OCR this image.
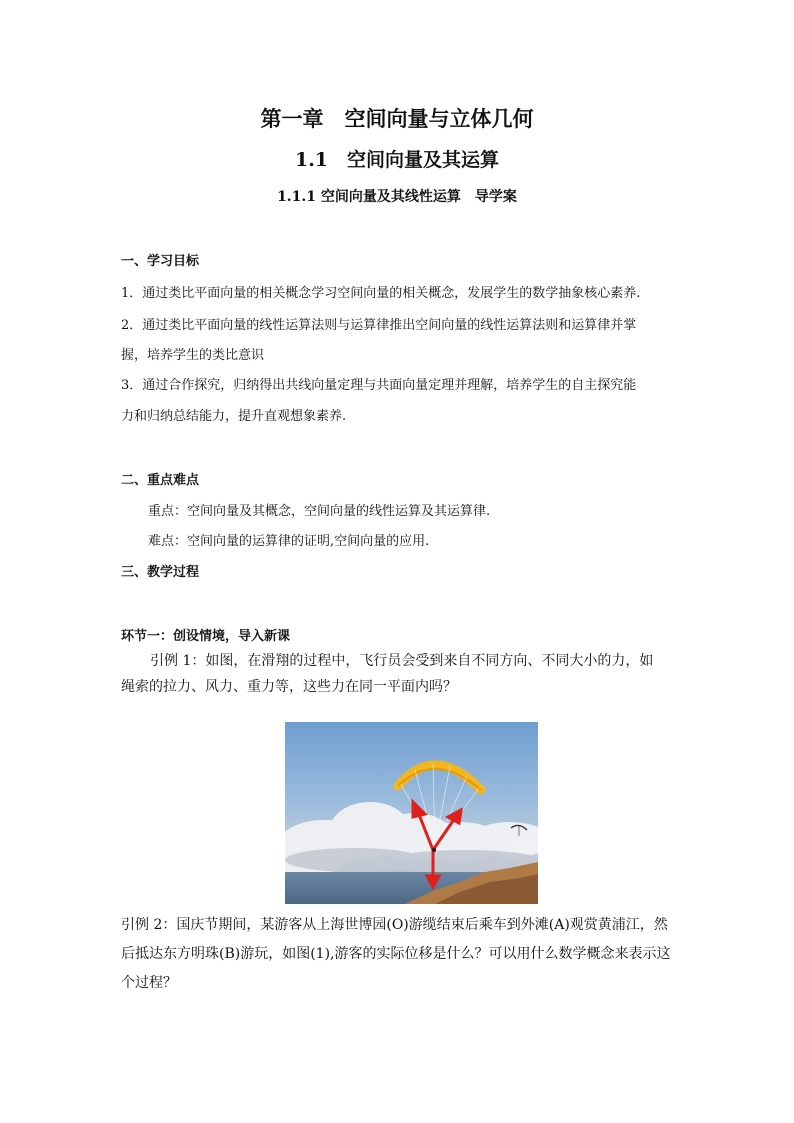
第一章　空间向量与立体几何
1.1　空间向量及其运算
1.1.1 空间向量及其线性运算　导学案
一、学习目标
1．通过类比平面向量的相关概念学习空间向量的相关概念，发展学生的数学抽象核心素养.
2．通过类比平面向量的线性运算法则与运算律推出空间向量的线性运算法则和运算律并掌
握，培养学生的类比意识
3．通过合作探究，归纳得出共线向量定理与共面向量定理并理解，培养学生的自主探究能
力和归纳总结能力，提升直观想象素养.
二、重点难点
重点：空间向量及其概念，空间向量的线性运算及其运算律.
难点：空间向量的运算律的证明,空间向量的应用.
三、教学过程
环节一：创设情境，导入新课
引例 1：如图，在滑翔的过程中，飞行员会受到来自不同方向、不同大小的力，如
绳索的拉力、风力、重力等，这些力在同一平面内吗？
引例 2：国庆节期间，某游客从上海世博园(O)游缆结束后乘车到外滩(A)观赏黄浦江，然
后抵达东方明珠(B)游玩，如图(1),游客的实际位移是什么？可以用什么数学概念来表示这
个过程？
